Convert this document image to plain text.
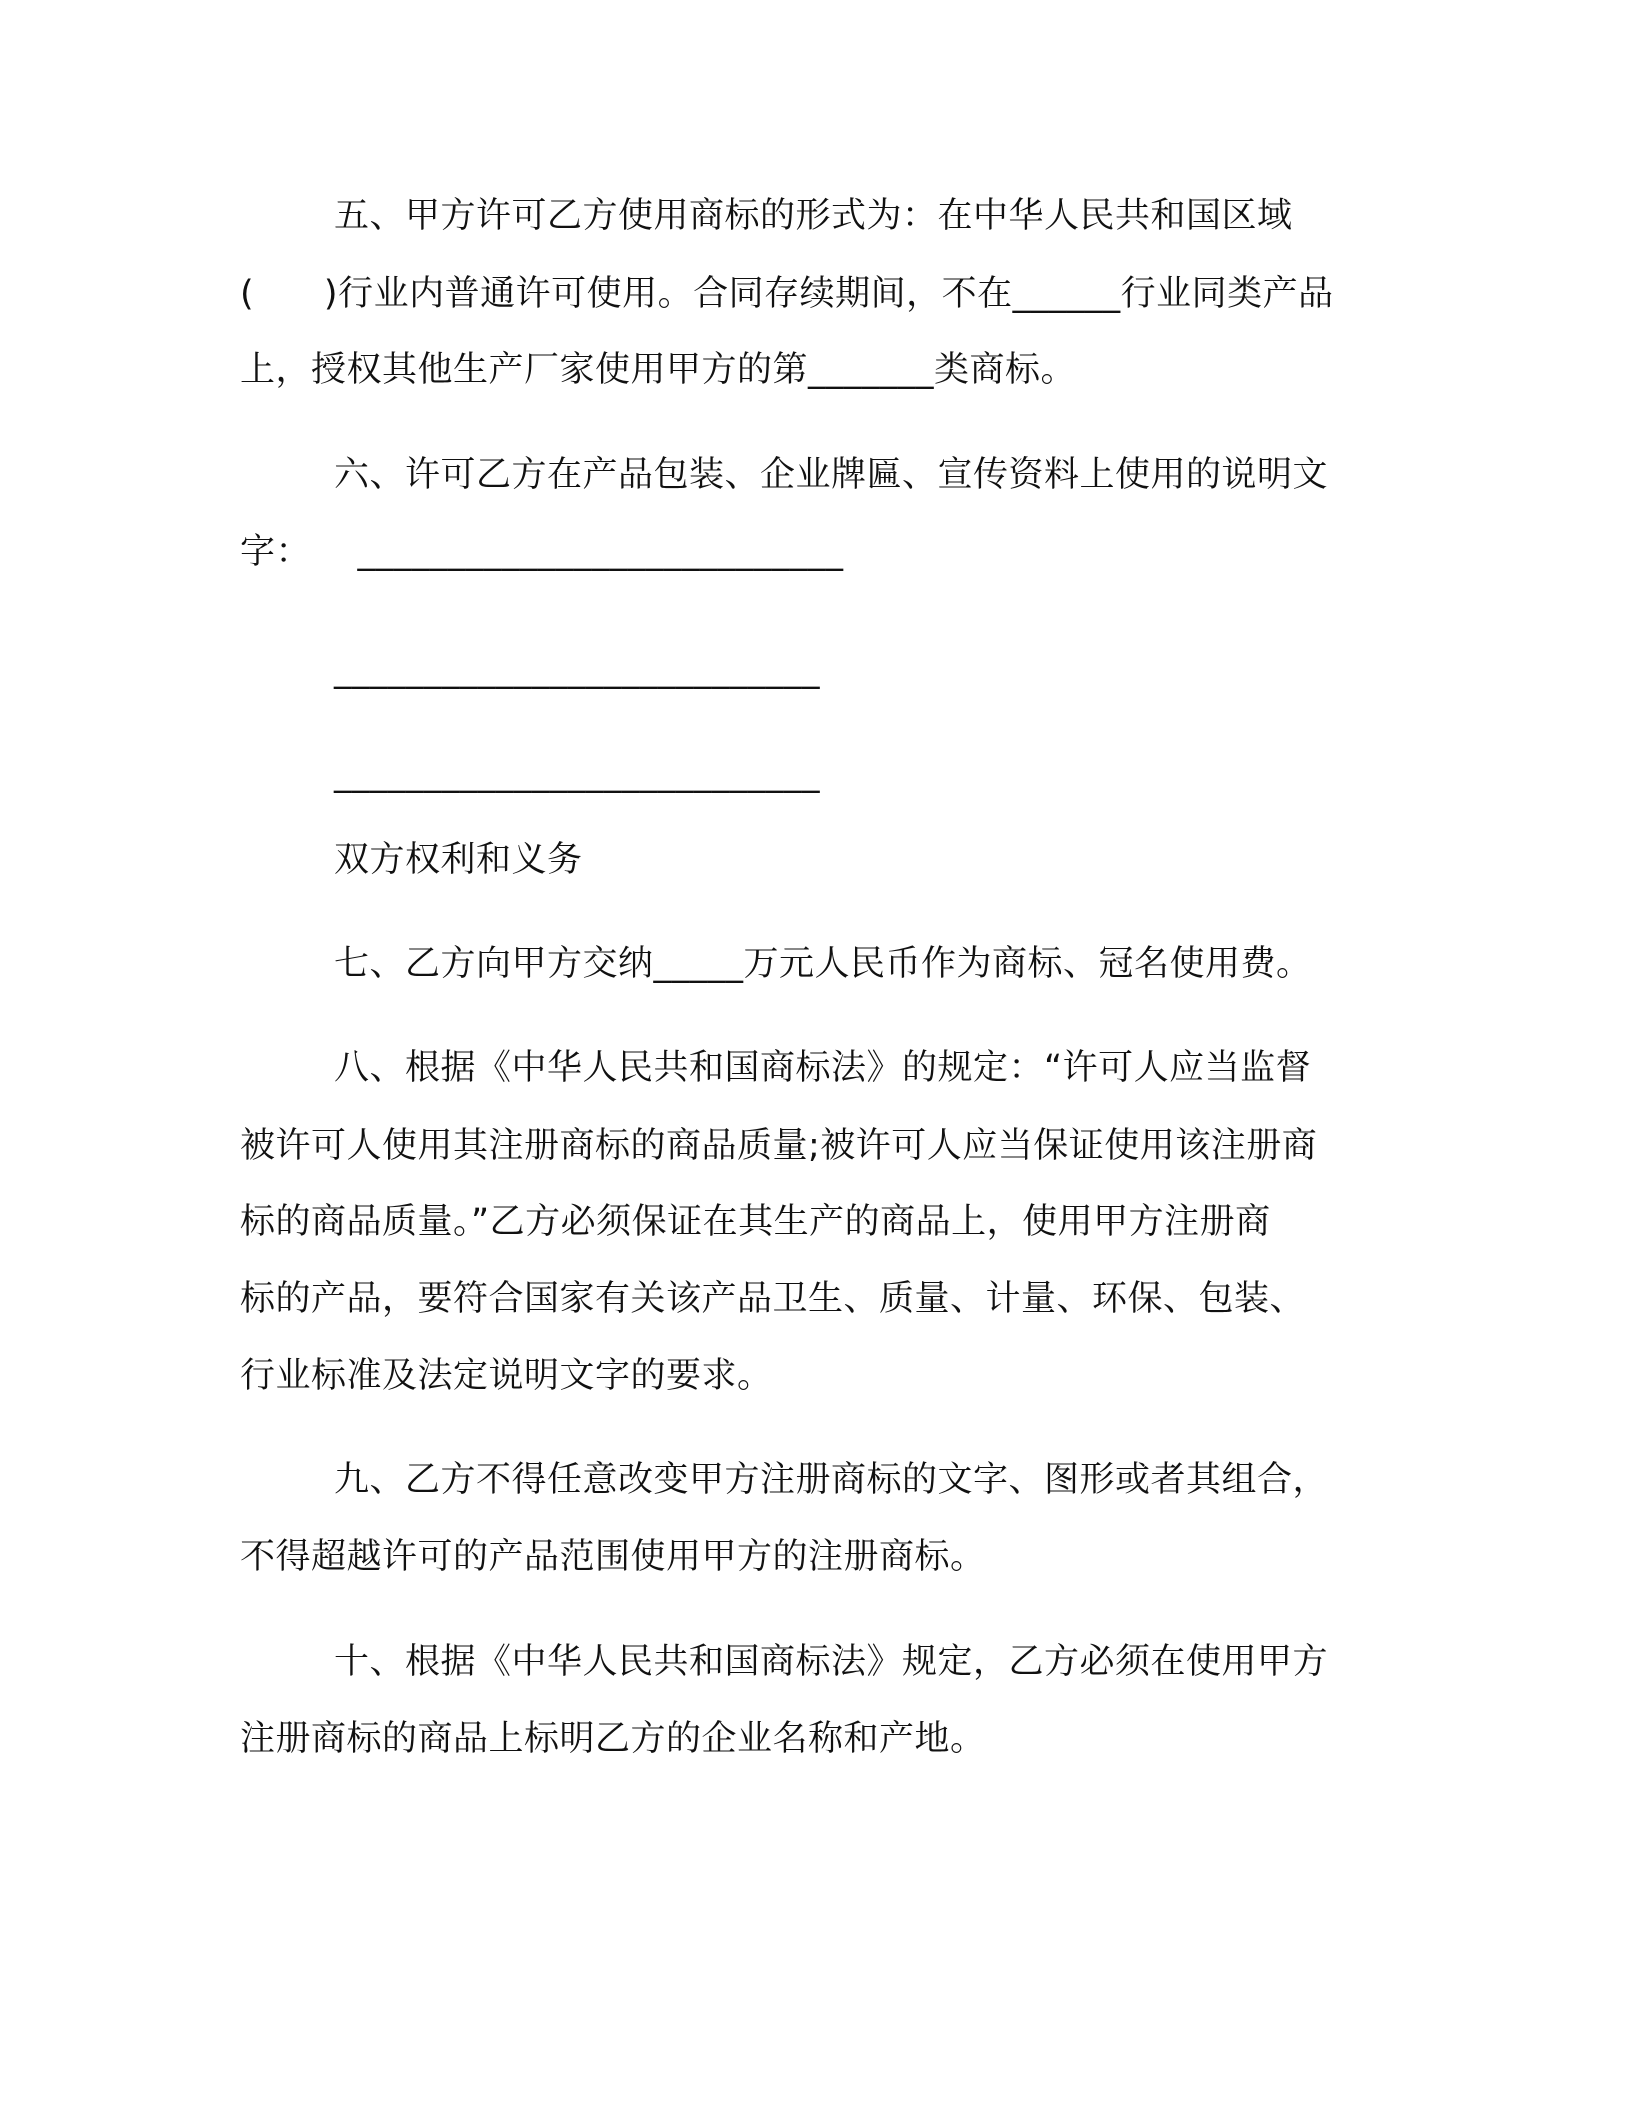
五、甲方许可乙方使用商标的形式为：在中华人民共和国区域
(      )行业内普通许可使用。合同存续期间，不在______行业同类产品
上，授权其他生产厂家使用甲方的第_______类商标。
六、许可乙方在产品包装、企业牌匾、宣传资料上使用的说明文
字：    ___________________________
___________________________
___________________________
双方权利和义务
七、乙方向甲方交纳_____万元人民币作为商标、冠名使用费。
八、根据《中华人民共和国商标法》的规定：“许可人应当监督
被许可人使用其注册商标的商品质量;被许可人应当保证使用该注册商
标的商品质量。”乙方必须保证在其生产的商品上，使用甲方注册商
标的产品，要符合国家有关该产品卫生、质量、计量、环保、包装、
行业标准及法定说明文字的要求。
九、乙方不得任意改变甲方注册商标的文字、图形或者其组合，
不得超越许可的产品范围使用甲方的注册商标。
十、根据《中华人民共和国商标法》规定，乙方必须在使用甲方
注册商标的商品上标明乙方的企业名称和产地。
